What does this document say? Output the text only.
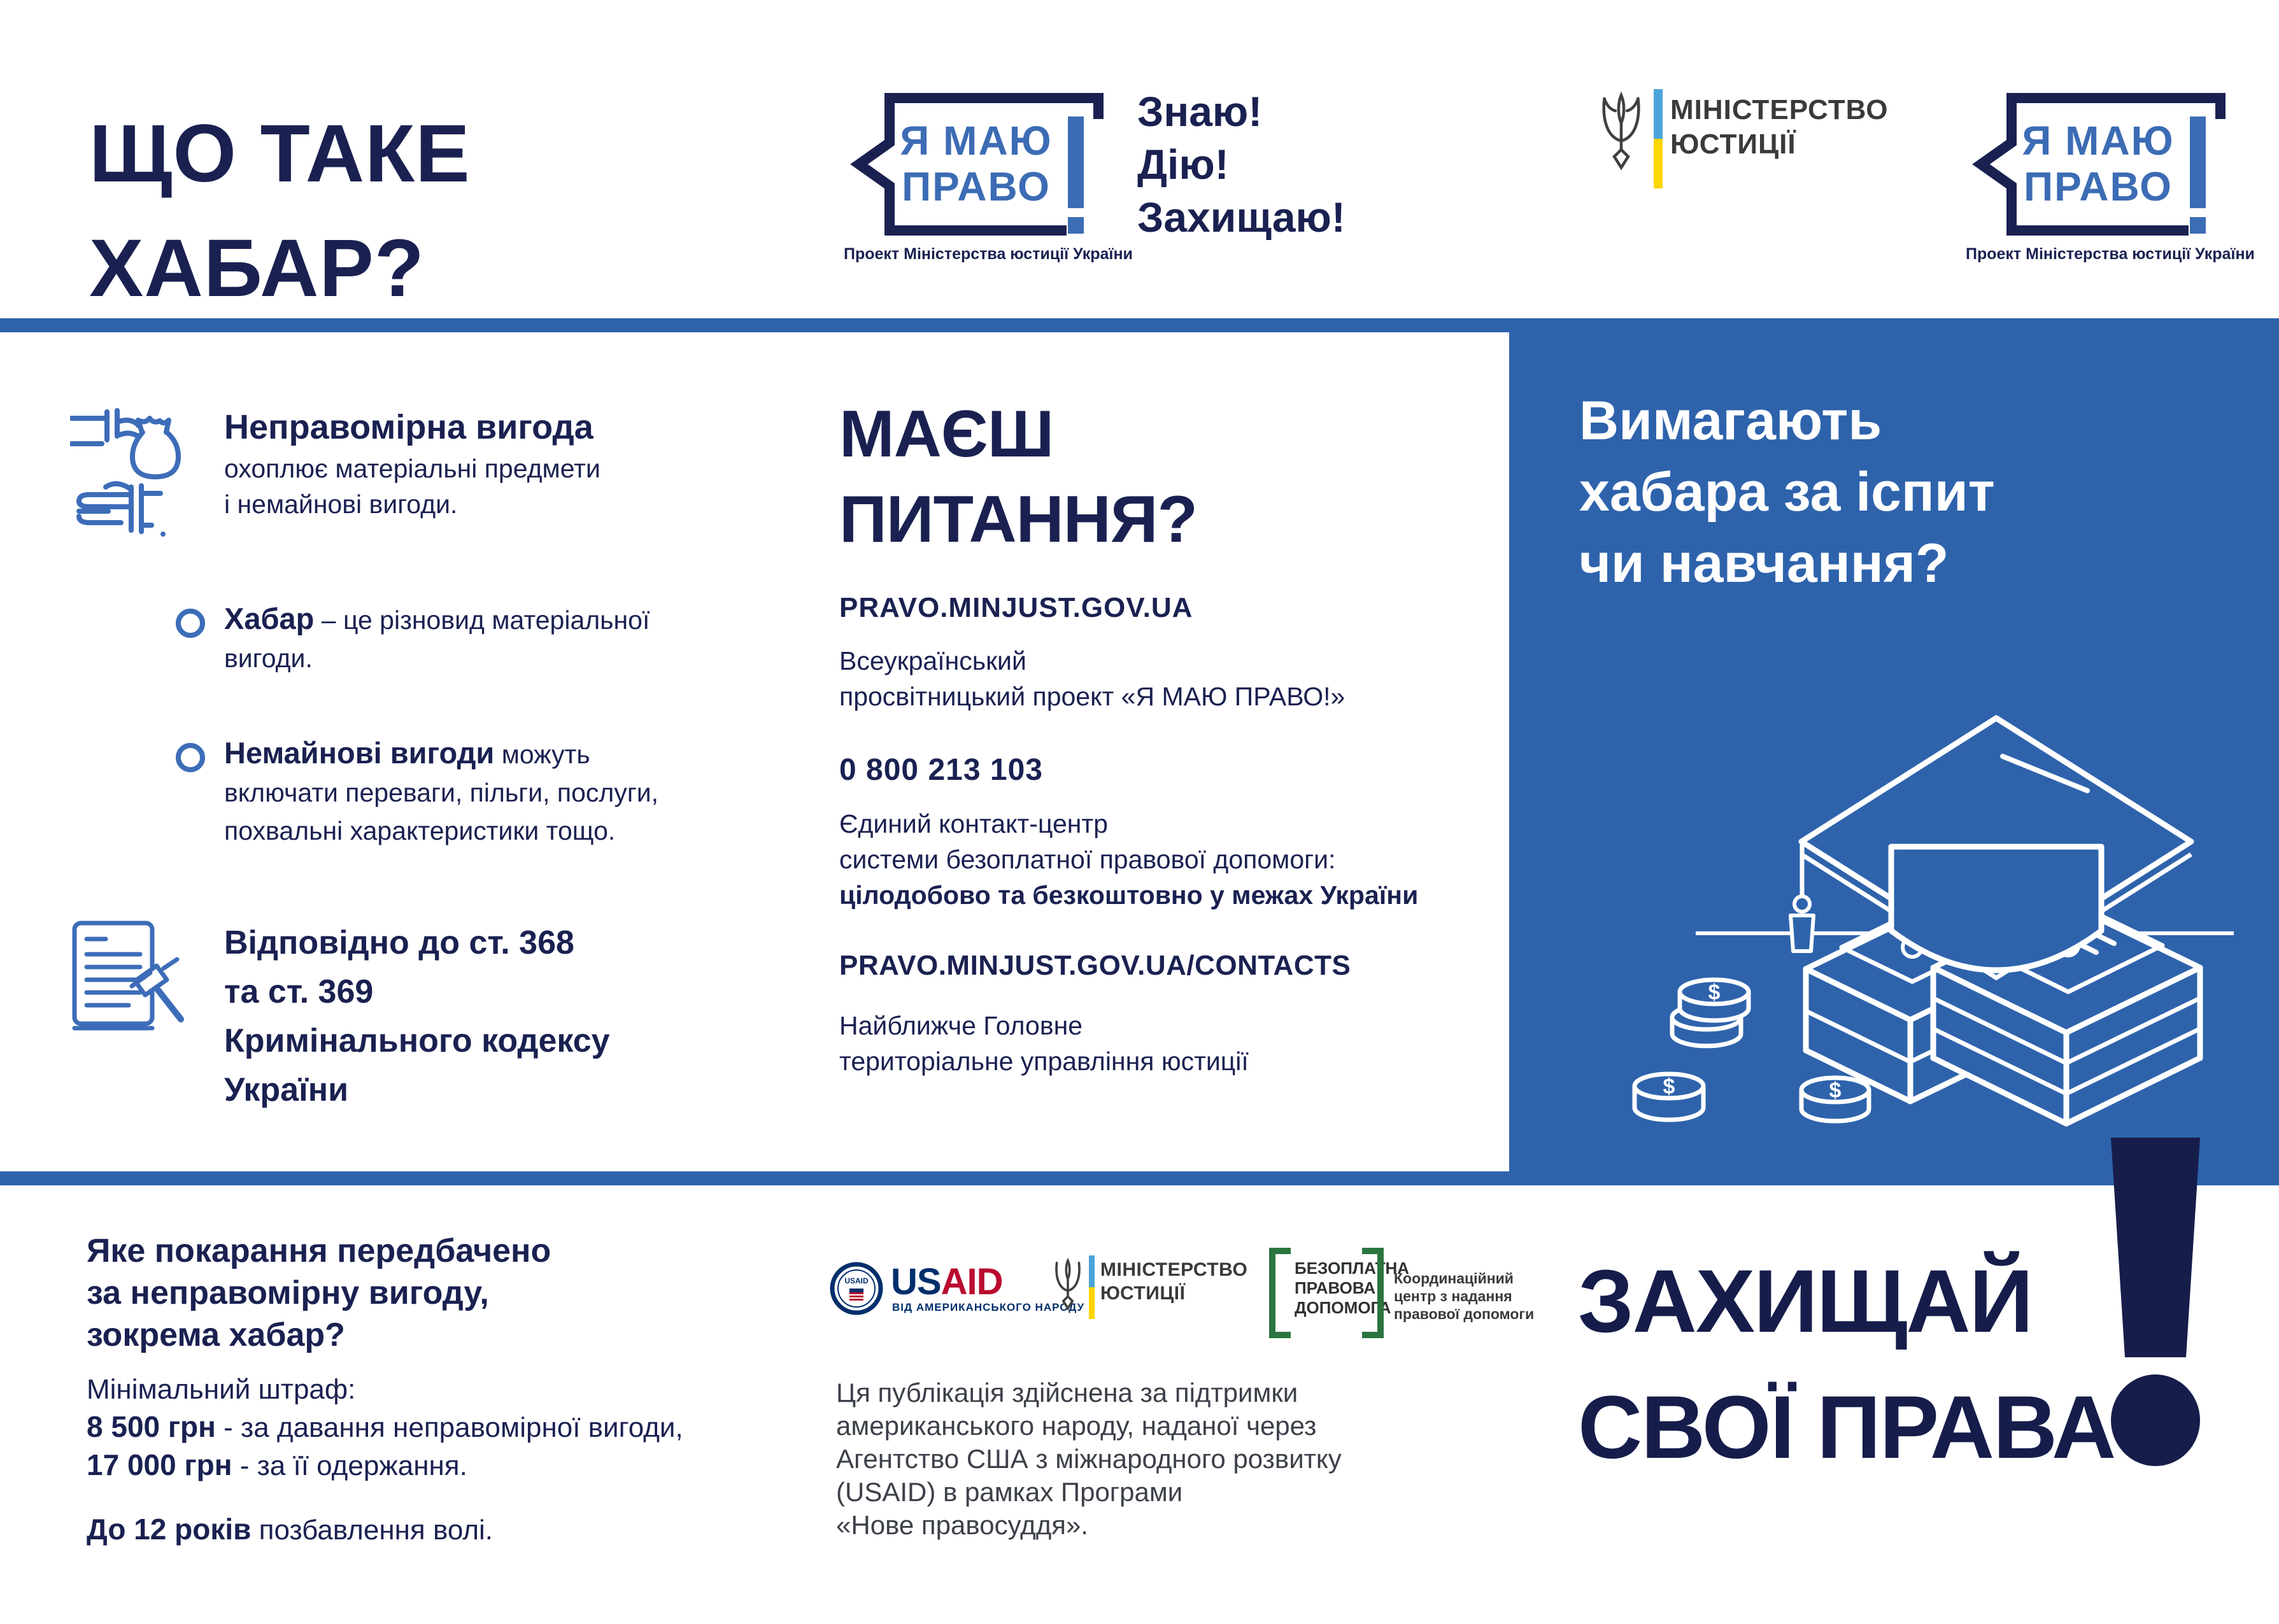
ЩО ТАКЕ
ХАБАР?
Я МАЮ
ПРАВО
Проект Міністерства юстиції України
Знаю!
Дію!
Захищаю!
МІНІСТЕРСТВО
ЮСТИЦІЇ	Я МАЮ
ПРАВО
Проект Міністерства юстиції України
Неправомірна вигода
охоплює матеріальні предмети
і немайнові вигоди.
Хабар – це різновид матеріальної
вигоди.
Немайнові вигоди можуть
включати переваги, пільги, послуги,
похвальні характеристики тощо.
Відповідно до ст. 368
та ст. 369
Кримінального кодексу
України
МАЄШ
ПИТАННЯ?
PRAVO.MINJUST.GOV.UA
Всеукраїнський
просвітницький проект «Я МАЮ ПРАВО!»
0 800 213 103
Єдиний контакт-центр
системи безоплатної правової допомоги:
цілодобово та безкоштовно у межах України
PRAVO.MINJUST.GOV.UA/CONTACTS
Найближче Головне
територіальне управління юстиції
Вимагають
хабара за іспит
чи навчання?
$
$	$
Яке покарання передбачено
за неправомірну вигоду,
зокрема хабар?
Мінімальний штраф:
8 500 грн - за давання неправомірної вигоди,
17 000 грн - за її одержання.
До 12 років позбавлення волі.
USAID USAID
ВІД АМЕРИКАНСЬКОГО НАРОДУ
МІНІСТЕРСТВО
ЮСТИЦІЇ
БЕЗОПЛАТНА
ПРАВОВА
ДОПОМОГА
Координаційний
центр з надання
правової допомоги
Ця публікація здійснена за підтримки
американського народу, наданої через
Агентство США з міжнародного розвитку
(USAID) в рамках Програми
«Нове правосуддя».
ЗАХИЩАЙ
СВОЇ ПРАВА
